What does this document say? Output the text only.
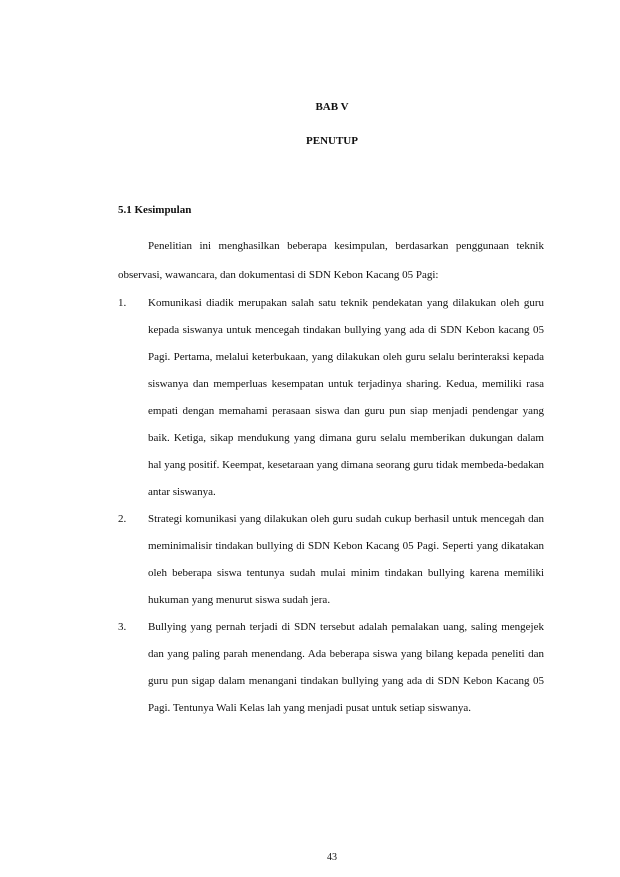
BAB V
PENUTUP
5.1 Kesimpulan

Penelitian ini menghasilkan beberapa kesimpulan, berdasarkan penggunaan teknik observasi, wawancara, dan dokumentasi di SDN Kebon Kacang 05 Pagi:

1. Komunikasi diadik merupakan salah satu teknik pendekatan yang dilakukan oleh guru kepada siswanya untuk mencegah tindakan bullying yang ada di SDN Kebon kacang 05 Pagi. Pertama, melalui keterbukaan, yang dilakukan oleh guru selalu berinteraksi kepada siswanya dan memperluas kesempatan untuk terjadinya sharing. Kedua, memiliki rasa empati dengan memahami perasaan siswa dan guru pun siap menjadi pendengar yang baik. Ketiga, sikap mendukung yang dimana guru selalu memberikan dukungan dalam hal yang positif. Keempat, kesetaraan yang dimana seorang guru tidak membeda-bedakan antar siswanya.
2. Strategi komunikasi yang dilakukan oleh guru sudah cukup berhasil untuk mencegah dan meminimalisir tindakan bullying di SDN Kebon Kacang 05 Pagi. Seperti yang dikatakan oleh beberapa siswa tentunya sudah mulai minim tindakan bullying karena memiliki hukuman yang menurut siswa sudah jera.
3. Bullying yang pernah terjadi di SDN tersebut adalah pemalakan uang, saling mengejek dan yang paling parah menendang. Ada beberapa siswa yang bilang kepada peneliti dan guru pun sigap dalam menangani tindakan bullying yang ada di SDN Kebon Kacang 05 Pagi. Tentunya Wali Kelas lah yang menjadi pusat untuk setiap siswanya.
43
